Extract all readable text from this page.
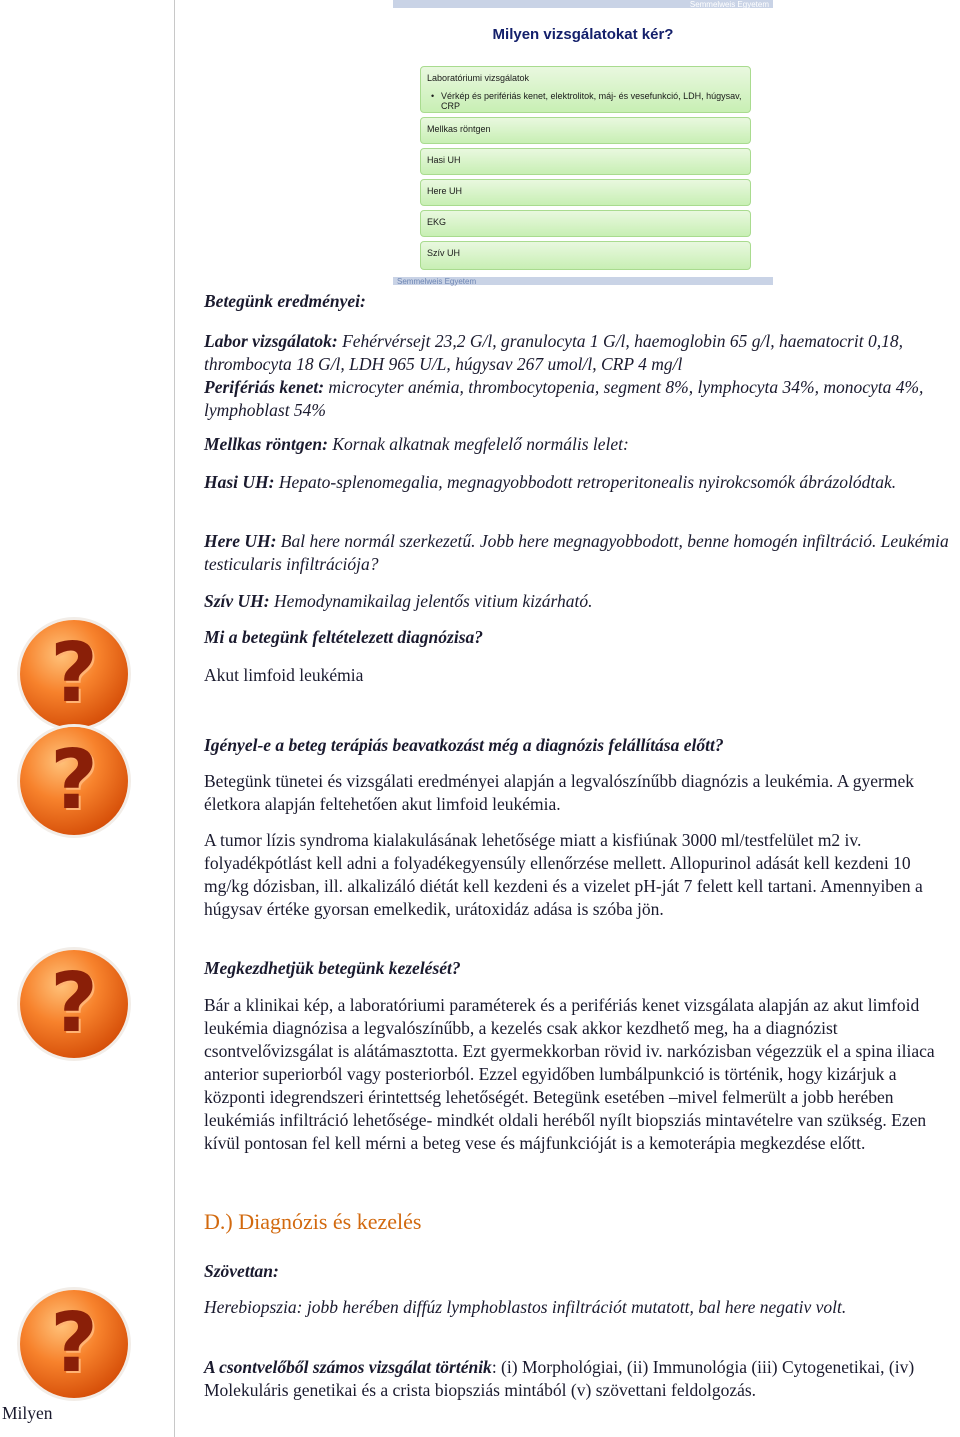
Semmelweis Egyetem
Milyen vizsgálatokat kér?
Laboratóriumi vizsgálatok
• Vérkép és perifériás kenet, elektrolitok, máj- és vesefunkció, LDH, húgysav, CRP
Mellkas röntgen
Hasi UH
Here UH
EKG
Szív UH
Semmelweis Egyetem
?
?
?
?
Betegünk eredményei:
Labor vizsgálatok: Fehérvérsejt 23,2 G/l, granulocyta 1 G/l, haemoglobin 65 g/l, haematocrit 0,18, thrombocyta 18 G/l, LDH 965 U/L, húgysav 267 umol/l, CRP 4 mg/l
Perifériás kenet: microcyter anémia, thrombocytopenia, segment 8%, lymphocyta 34%, monocyta 4%, lymphoblast 54%
Mellkas röntgen: Kornak alkatnak megfelelő normális lelet:
Hasi UH: Hepato-splenomegalia, megnagyobbodott retroperitonealis nyirokcsomók ábrázolódtak.
Here UH: Bal here normál szerkezetű. Jobb here megnagyobbodott, benne homogén infiltráció. Leukémia testicularis infiltrációja?
Szív UH: Hemodynamikailag jelentős vitium kizárható.
Mi a betegünk feltételezett diagnózisa?
Akut limfoid leukémia
Igényel-e a beteg terápiás beavatkozást még a diagnózis felállítása előtt?
Betegünk tünetei és vizsgálati eredményei alapján a legvalószínűbb diagnózis a leukémia. A gyermek életkora alapján feltehetően akut limfoid leukémia.
A tumor lízis syndroma kialakulásának lehetősége miatt a kisfiúnak 3000 ml/testfelület m2 iv. folyadékpótlást kell adni a folyadékegyensúly ellenőrzése mellett. Allopurinol adását kell kezdeni 10 mg/kg dózisban, ill. alkalizáló diétát kell kezdeni és a vizelet pH-ját 7 felett kell tartani. Amennyiben a húgysav értéke gyorsan emelkedik, urátoxidáz adása is szóba jön.
Megkezdhetjük betegünk kezelését?
Bár a klinikai kép, a laboratóriumi paraméterek és a perifériás kenet vizsgálata alapján az akut limfoid leukémia diagnózisa a legvalószínűbb, a kezelés csak akkor kezdhető meg, ha a diagnózist csontvelővizsgálat is alátámasztotta. Ezt gyermekkorban rövid iv. narkózisban végezzük el a spina iliaca anterior superiorból vagy posteriorból. Ezzel egyidőben lumbálpunkció is történik, hogy kizárjuk a központi idegrendszeri érintettség lehetőségét. Betegünk esetében –mivel felmerült a jobb herében leukémiás infiltráció lehetősége- mindkét oldali heréből nyílt biopsziás mintavételre van szükség. Ezen kívül pontosan fel kell mérni a beteg vese és májfunkcióját is a kemoterápia megkezdése előtt.
D.) Diagnózis és kezelés
Szövettan:
Herebiopszia: jobb herében diffúz lymphoblastos infiltrációt mutatott, bal here negativ volt.
A csontvelőből számos vizsgálat történik: (i) Morphológiai, (ii) Immunológia (iii) Cytogenetikai, (iv) Molekuláris genetikai és a crista biopsziás mintából (v) szövettani feldolgozás.
Milyen
